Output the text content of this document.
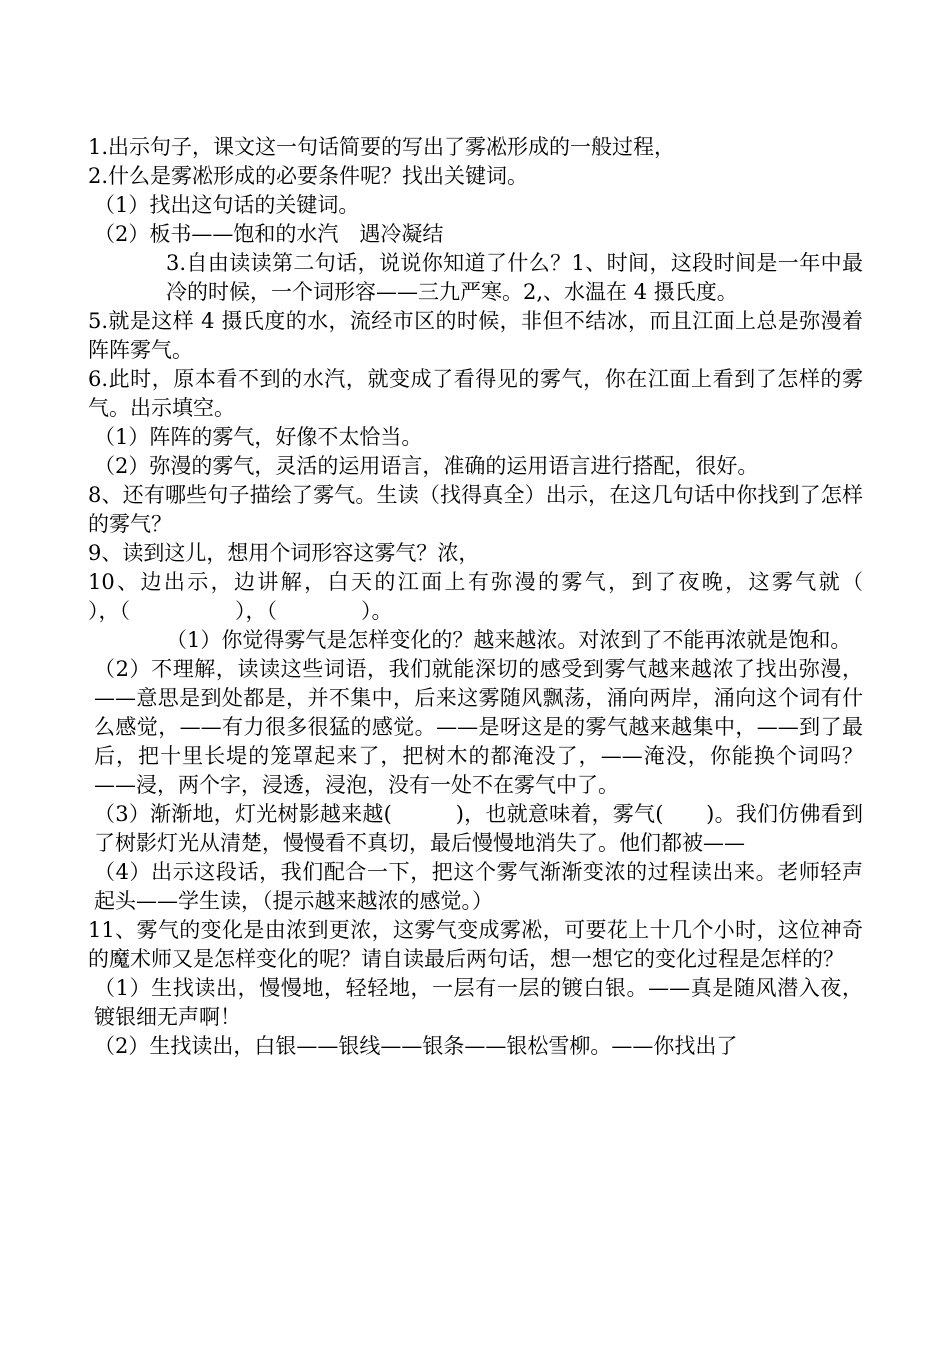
1.出示句子，课文这一句话简要的写出了雾凇形成的一般过程，

2.什么是雾凇形成的必要条件呢？找出关键词。

（1）找出这句话的关键词。

（2）板书——饱和的水汽　遇冷凝结

3.自由读读第二句话，说说你知道了什么？1、时间，这段时间是一年中最冷的时候，一个词形容——三九严寒。2,、水温在 4 摄氏度。

5.就是这样 4 摄氏度的水，流经市区的时候，非但不结冰，而且江面上总是弥漫着阵阵雾气。

6.此时，原本看不到的水汽，就变成了看得见的雾气，你在江面上看到了怎样的雾气。出示填空。

（1）阵阵的雾气，好像不太恰当。

（2）弥漫的雾气，灵活的运用语言，准确的运用语言进行搭配，很好。

8、还有哪些句子描绘了雾气。生读（找得真全）出示，在这几句话中你找到了怎样的雾气？

9、读到这儿，想用个词形容这雾气？浓，

10、边出示，边讲解，白天的江面上有弥漫的雾气，到了夜晚，这雾气就（　　　　），（　　　　　），（　　　　）。

（1）你觉得雾气是怎样变化的？越来越浓。对浓到了不能再浓就是饱和。

（2）不理解，读读这些词语，我们就能深切的感受到雾气越来越浓了找出弥漫，——意思是到处都是，并不集中，后来这雾随风飘荡，涌向两岸，涌向这个词有什么感觉，——有力很多很猛的感觉。——是呀这是的雾气越来越集中，——到了最后，把十里长堤的笼罩起来了，把树木的都淹没了，——淹没，你能换个词吗？——浸，两个字，浸透，浸泡，没有一处不在雾气中了。

（3）渐渐地，灯光树影越来越(　　　)，也就意味着，雾气(　　)。我们仿佛看到了树影灯光从清楚，慢慢看不真切，最后慢慢地消失了。他们都被——

（4）出示这段话，我们配合一下，把这个雾气渐渐变浓的过程读出来。老师轻声起头——学生读，（提示越来越浓的感觉。）

11、雾气的变化是由浓到更浓，这雾气变成雾凇，可要花上十几个小时，这位神奇的魔术师又是怎样变化的呢？请自读最后两句话，想一想它的变化过程是怎样的？

（1）生找读出，慢慢地，轻轻地，一层有一层的镀白银。——真是随风潜入夜，镀银细无声啊！

（2）生找读出，白银——银线——银条——银松雪柳。——你找出了
